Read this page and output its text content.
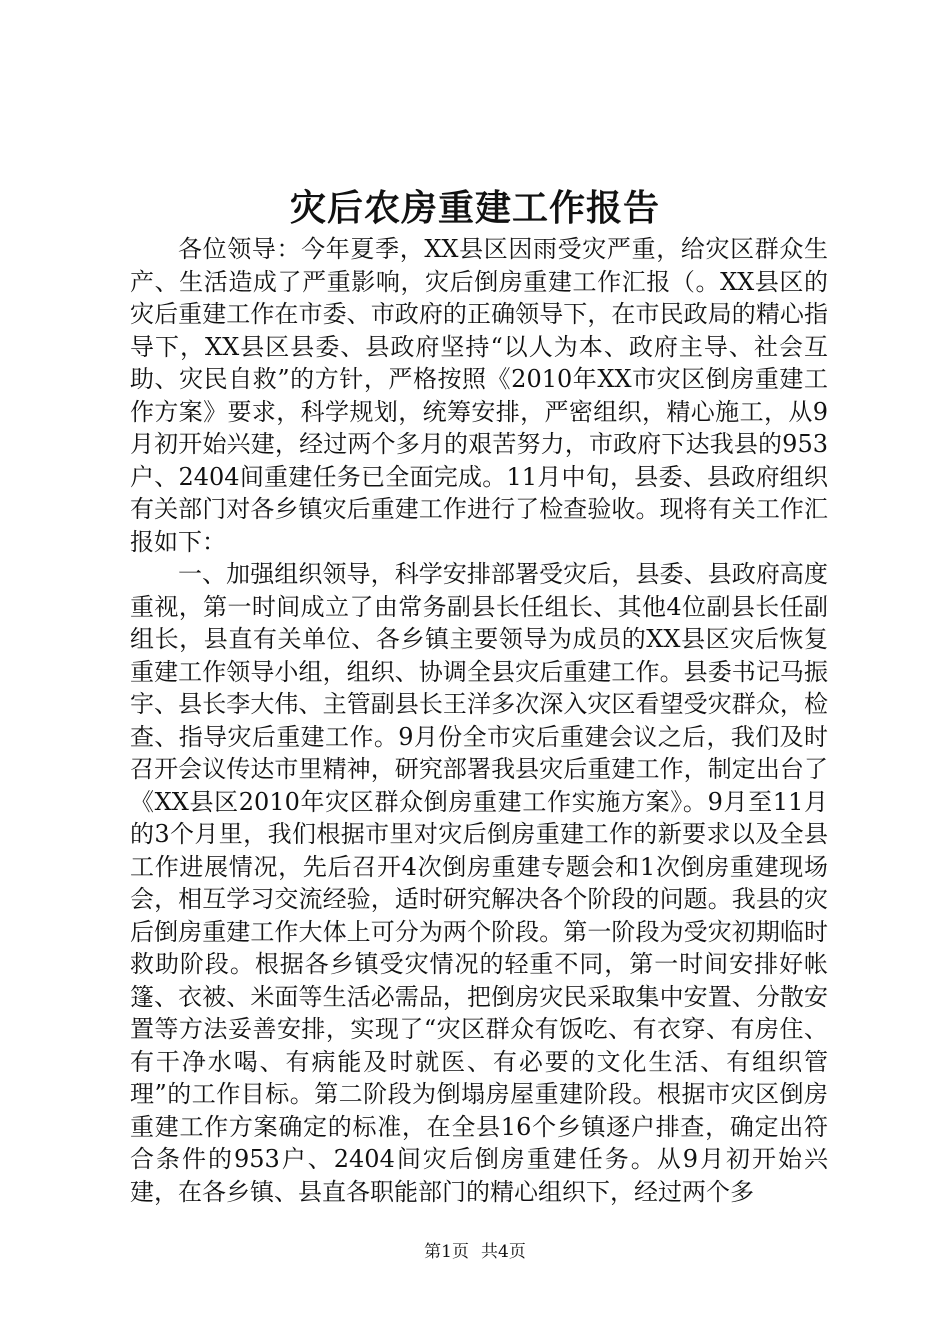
灾后农房重建工作报告

各位领导：今年夏季，XX县区因雨受灾严重，给灾区群众生产、生活造成了严重影响，灾后倒房重建工作汇报（。XX县区的灾后重建工作在市委、市政府的正确领导下，在市民政局的精心指导下，XX县区县委、县政府坚持“以人为本、政府主导、社会互助、灾民自救”的方针，严格按照《2010年XX市灾区倒房重建工作方案》要求，科学规划，统筹安排，严密组织，精心施工，从9月初开始兴建，经过两个多月的艰苦努力，市政府下达我县的953户、2404间重建任务已全面完成。11月中旬，县委、县政府组织有关部门对各乡镇灾后重建工作进行了检查验收。现将有关工作汇报如下：

一、加强组织领导，科学安排部署受灾后，县委、县政府高度重视，第一时间成立了由常务副县长任组长、其他4位副县长任副组长，县直有关单位、各乡镇主要领导为成员的XX县区灾后恢复重建工作领导小组，组织、协调全县灾后重建工作。县委书记马振宇、县长李大伟、主管副县长王洋多次深入灾区看望受灾群众，检查、指导灾后重建工作。9月份全市灾后重建会议之后，我们及时召开会议传达市里精神，研究部署我县灾后重建工作，制定出台了《XX县区2010年灾区群众倒房重建工作实施方案》。9月至11月的3个月里，我们根据市里对灾后倒房重建工作的新要求以及全县工作进展情况，先后召开4次倒房重建专题会和1次倒房重建现场会，相互学习交流经验，适时研究解决各个阶段的问题。我县的灾后倒房重建工作大体上可分为两个阶段。第一阶段为受灾初期临时救助阶段。根据各乡镇受灾情况的轻重不同，第一时间安排好帐篷、衣被、米面等生活必需品，把倒房灾民采取集中安置、分散安置等方法妥善安排，实现了“灾区群众有饭吃、有衣穿、有房住、有干净水喝、有病能及时就医、有必要的文化生活、有组织管理”的工作目标。第二阶段为倒塌房屋重建阶段。根据市灾区倒房重建工作方案确定的标准，在全县16个乡镇逐户排查，确定出符合条件的953户、2404间灾后倒房重建任务。从9月初开始兴建，在各乡镇、县直各职能部门的精心组织下，经过两个多

第1页 共4页
